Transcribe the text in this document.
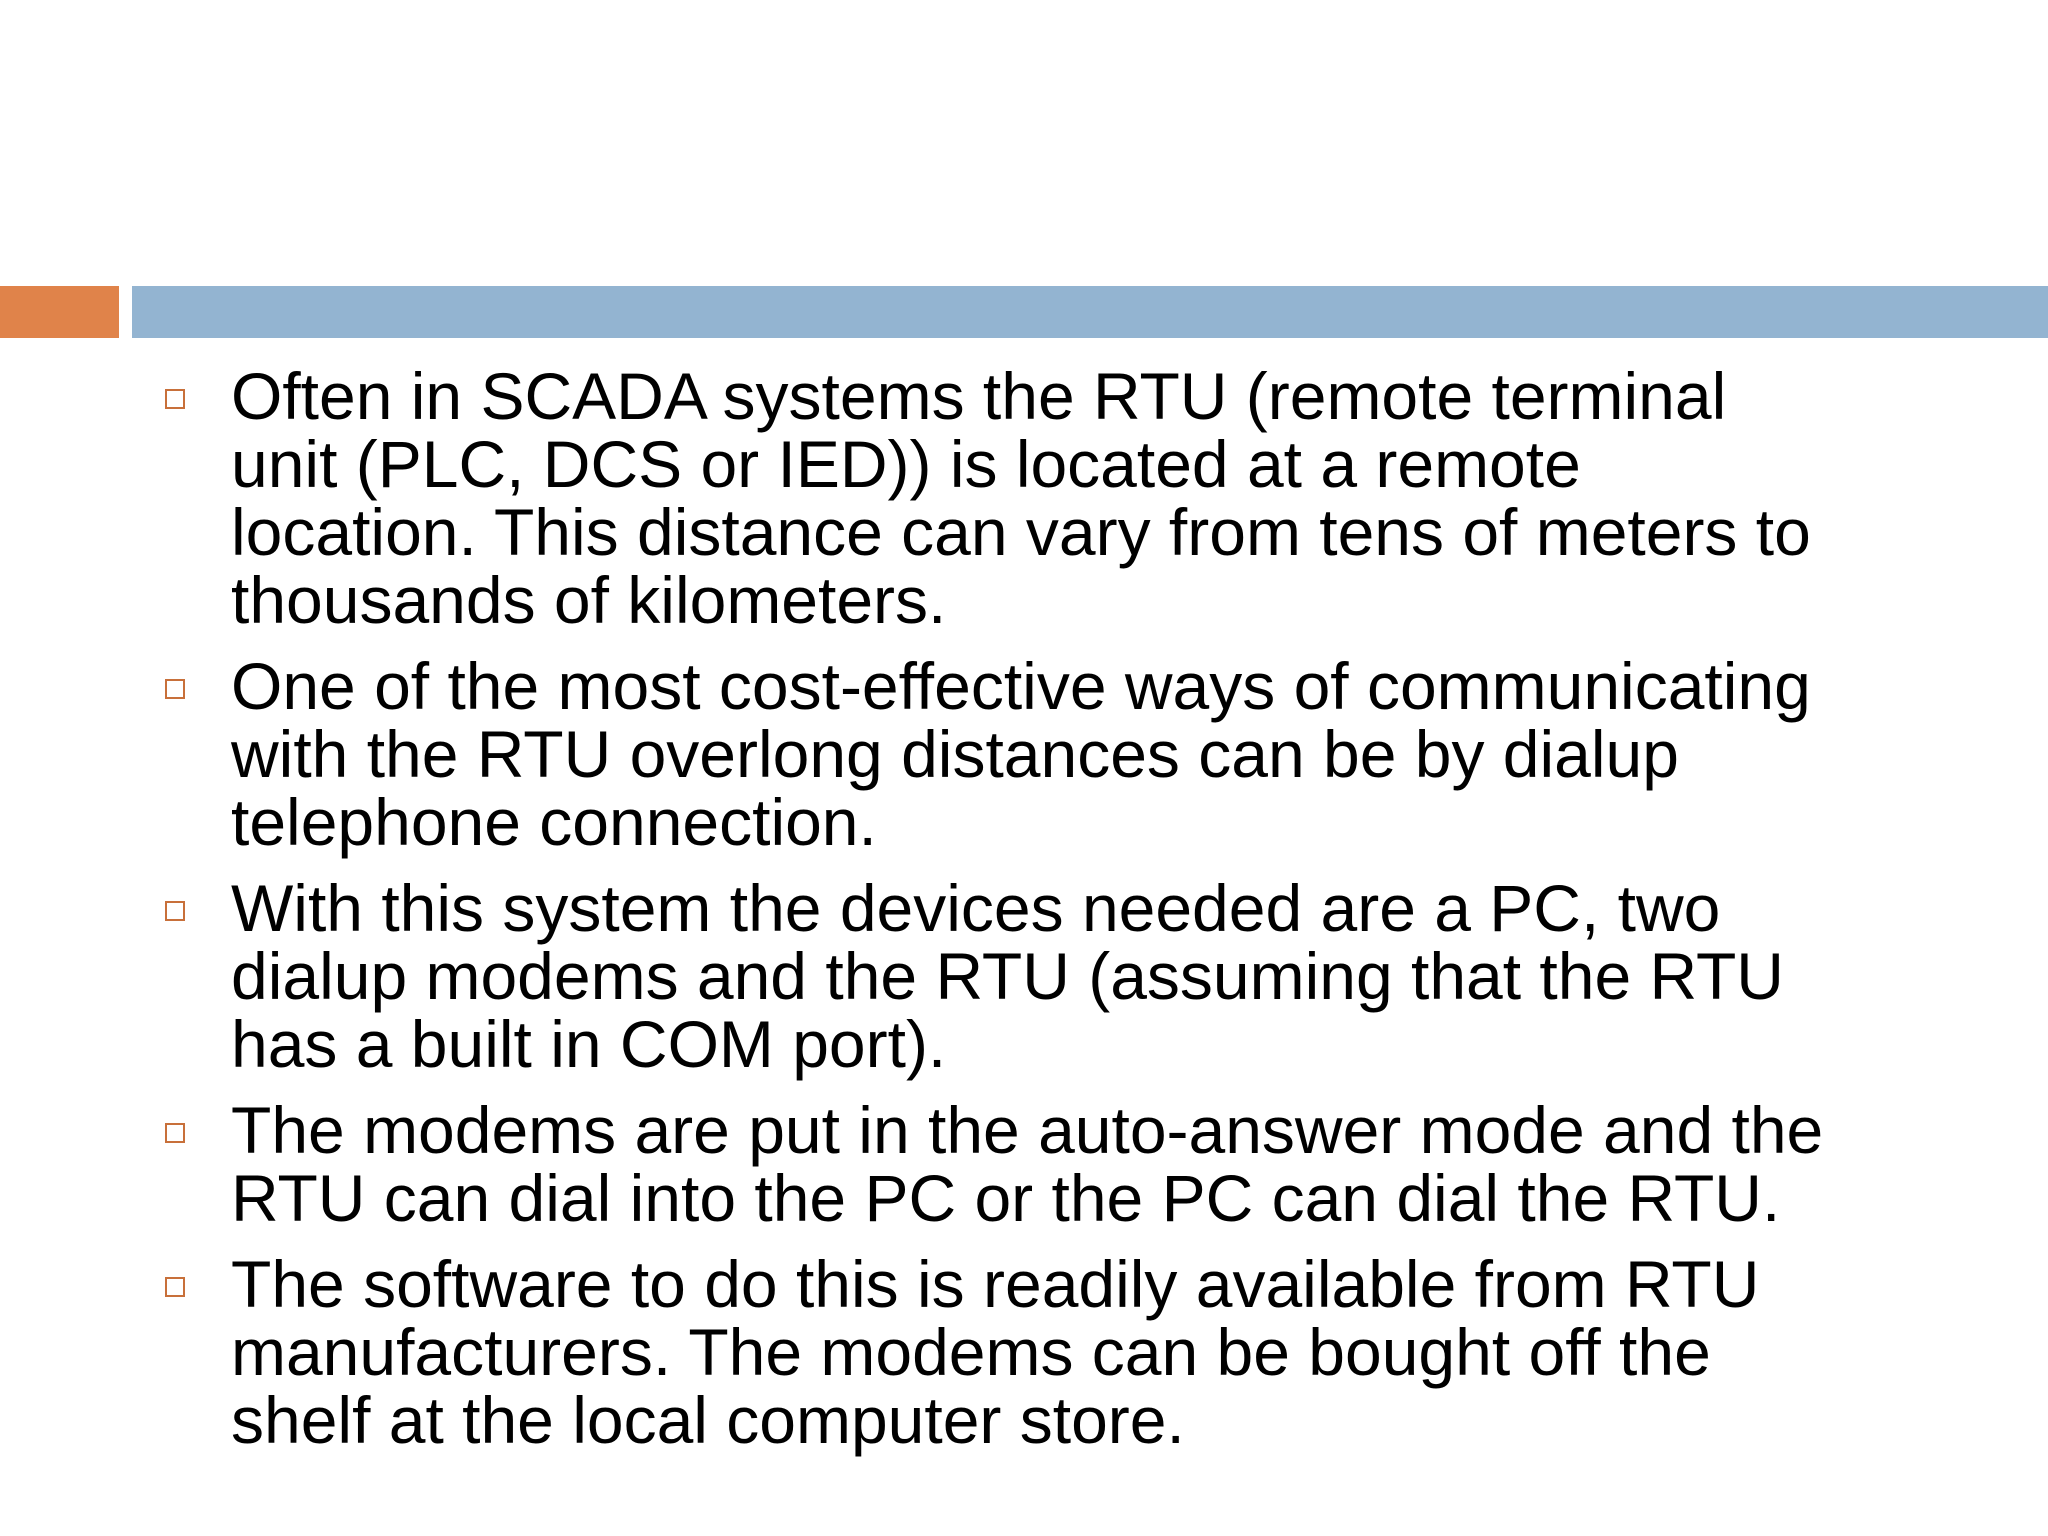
Often in SCADA systems the RTU (remote terminal
unit (PLC, DCS or IED)) is located at a remote
location. This distance can vary from tens of meters to
thousands of kilometers.
One of the most cost-effective ways of communicating
with the RTU overlong distances can be by dialup
telephone connection.
With this system the devices needed are a PC, two
dialup modems and the RTU (assuming that the RTU
has a built in COM port).
The modems are put in the auto-answer mode and the
RTU can dial into the PC or the PC can dial the RTU.
The software to do this is readily available from RTU
manufacturers. The modems can be bought off the
shelf at the local computer store.
